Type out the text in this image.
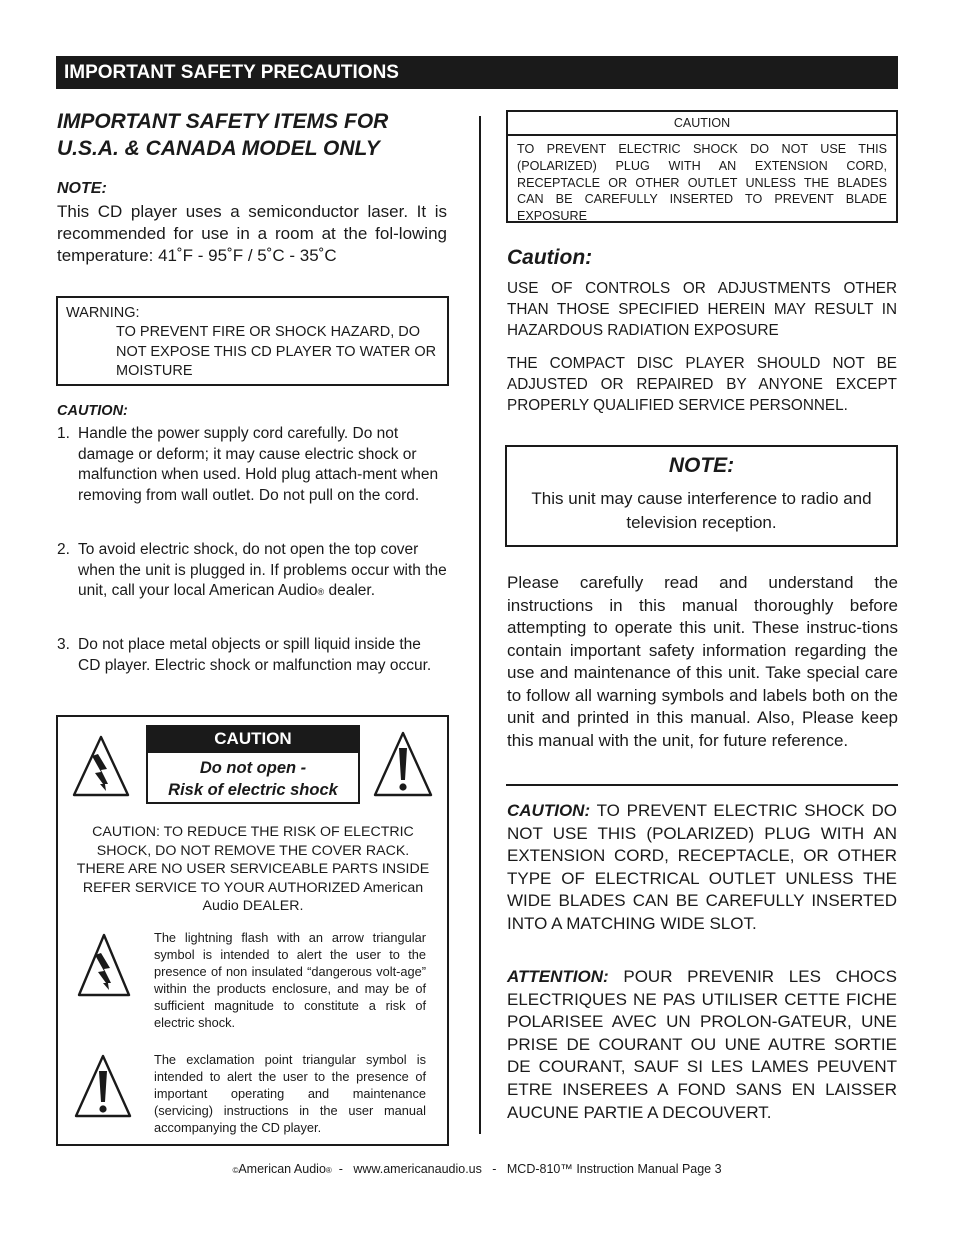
IMPORTANT SAFETY PRECAUTIONS
IMPORTANT SAFETY ITEMS FOR
U.S.A. & CANADA MODEL ONLY
NOTE:
This CD player uses a semiconductor laser. It is recommended for use in a room at the fol-lowing temperature: 41˚F - 95˚F / 5˚C - 35˚C
WARNING:
TO PREVENT FIRE OR SHOCK HAZARD, DO NOT EXPOSE THIS CD PLAYER TO WATER OR MOISTURE
CAUTION:
1. Handle the power supply cord carefully. Do not damage or deform; it may cause electric shock or malfunction when used. Hold plug attach-ment when removing from wall outlet. Do not pull on the cord.
2. To avoid electric shock, do not open the top cover when the unit is plugged in. If problems occur with the unit, call your local American Audio® dealer.
3. Do not place metal objects or spill liquid inside the CD player. Electric shock or malfunction may occur.
CAUTION
Do not open -
Risk of electric shock
CAUTION: TO REDUCE THE RISK OF ELECTRIC SHOCK, DO NOT REMOVE THE COVER RACK. THERE ARE NO USER SERVICEABLE PARTS INSIDE REFER SERVICE TO YOUR AUTHORIZED American Audio DEALER.
The lightning flash with an arrow triangular symbol is intended to alert the user to the presence of non insulated “dangerous volt-age” within the products enclosure, and may be of sufficient magnitude to constitute a risk of electric shock.
The exclamation point triangular symbol is intended to alert the user to the presence of important operating and maintenance (servicing) instructions in the user manual accompanying the CD player.
CAUTION
TO PREVENT ELECTRIC SHOCK DO NOT USE THIS (POLARIZED) PLUG WITH AN EXTENSION CORD, RECEPTACLE OR OTHER OUTLET UNLESS THE BLADES CAN BE CAREFULLY INSERTED TO PREVENT BLADE EXPOSURE
Caution:
USE OF CONTROLS OR ADJUSTMENTS OTHER THAN THOSE SPECIFIED HEREIN MAY RESULT IN HAZARDOUS RADIATION EXPOSURE
THE COMPACT DISC PLAYER SHOULD NOT BE ADJUSTED OR REPAIRED BY ANYONE EXCEPT PROPERLY QUALIFIED SERVICE PERSONNEL.
NOTE:
This unit may cause interference to radio and
television reception.
Please carefully read and understand the instructions in this manual thoroughly before attempting to operate this unit. These instruc-tions contain important safety information regarding the use and maintenance of this unit. Take special care to follow all warning symbols and labels both on the unit and printed in this manual. Also, Please keep this manual with the unit, for future reference.
CAUTION: TO PREVENT ELECTRIC SHOCK DO NOT USE THIS (POLARIZED) PLUG WITH AN EXTENSION CORD, RECEPTACLE, OR OTHER TYPE OF ELECTRICAL OUTLET UNLESS THE WIDE BLADES CAN BE CAREFULLY INSERTED INTO A MATCHING WIDE SLOT.
ATTENTION: POUR PREVENIR LES CHOCS ELECTRIQUES NE PAS UTILISER CETTE FICHE POLARISEE AVEC UN PROLON-GATEUR, UNE PRISE DE COURANT OU UNE AUTRE SORTIE DE COURANT, SAUF SI LES LAMES PEUVENT ETRE INSEREES A FOND SANS EN LAISSER AUCUNE PARTIE A DECOUVERT.
©American Audio®  -   www.americanaudio.us   -   MCD-810™ Instruction Manual Page 3
